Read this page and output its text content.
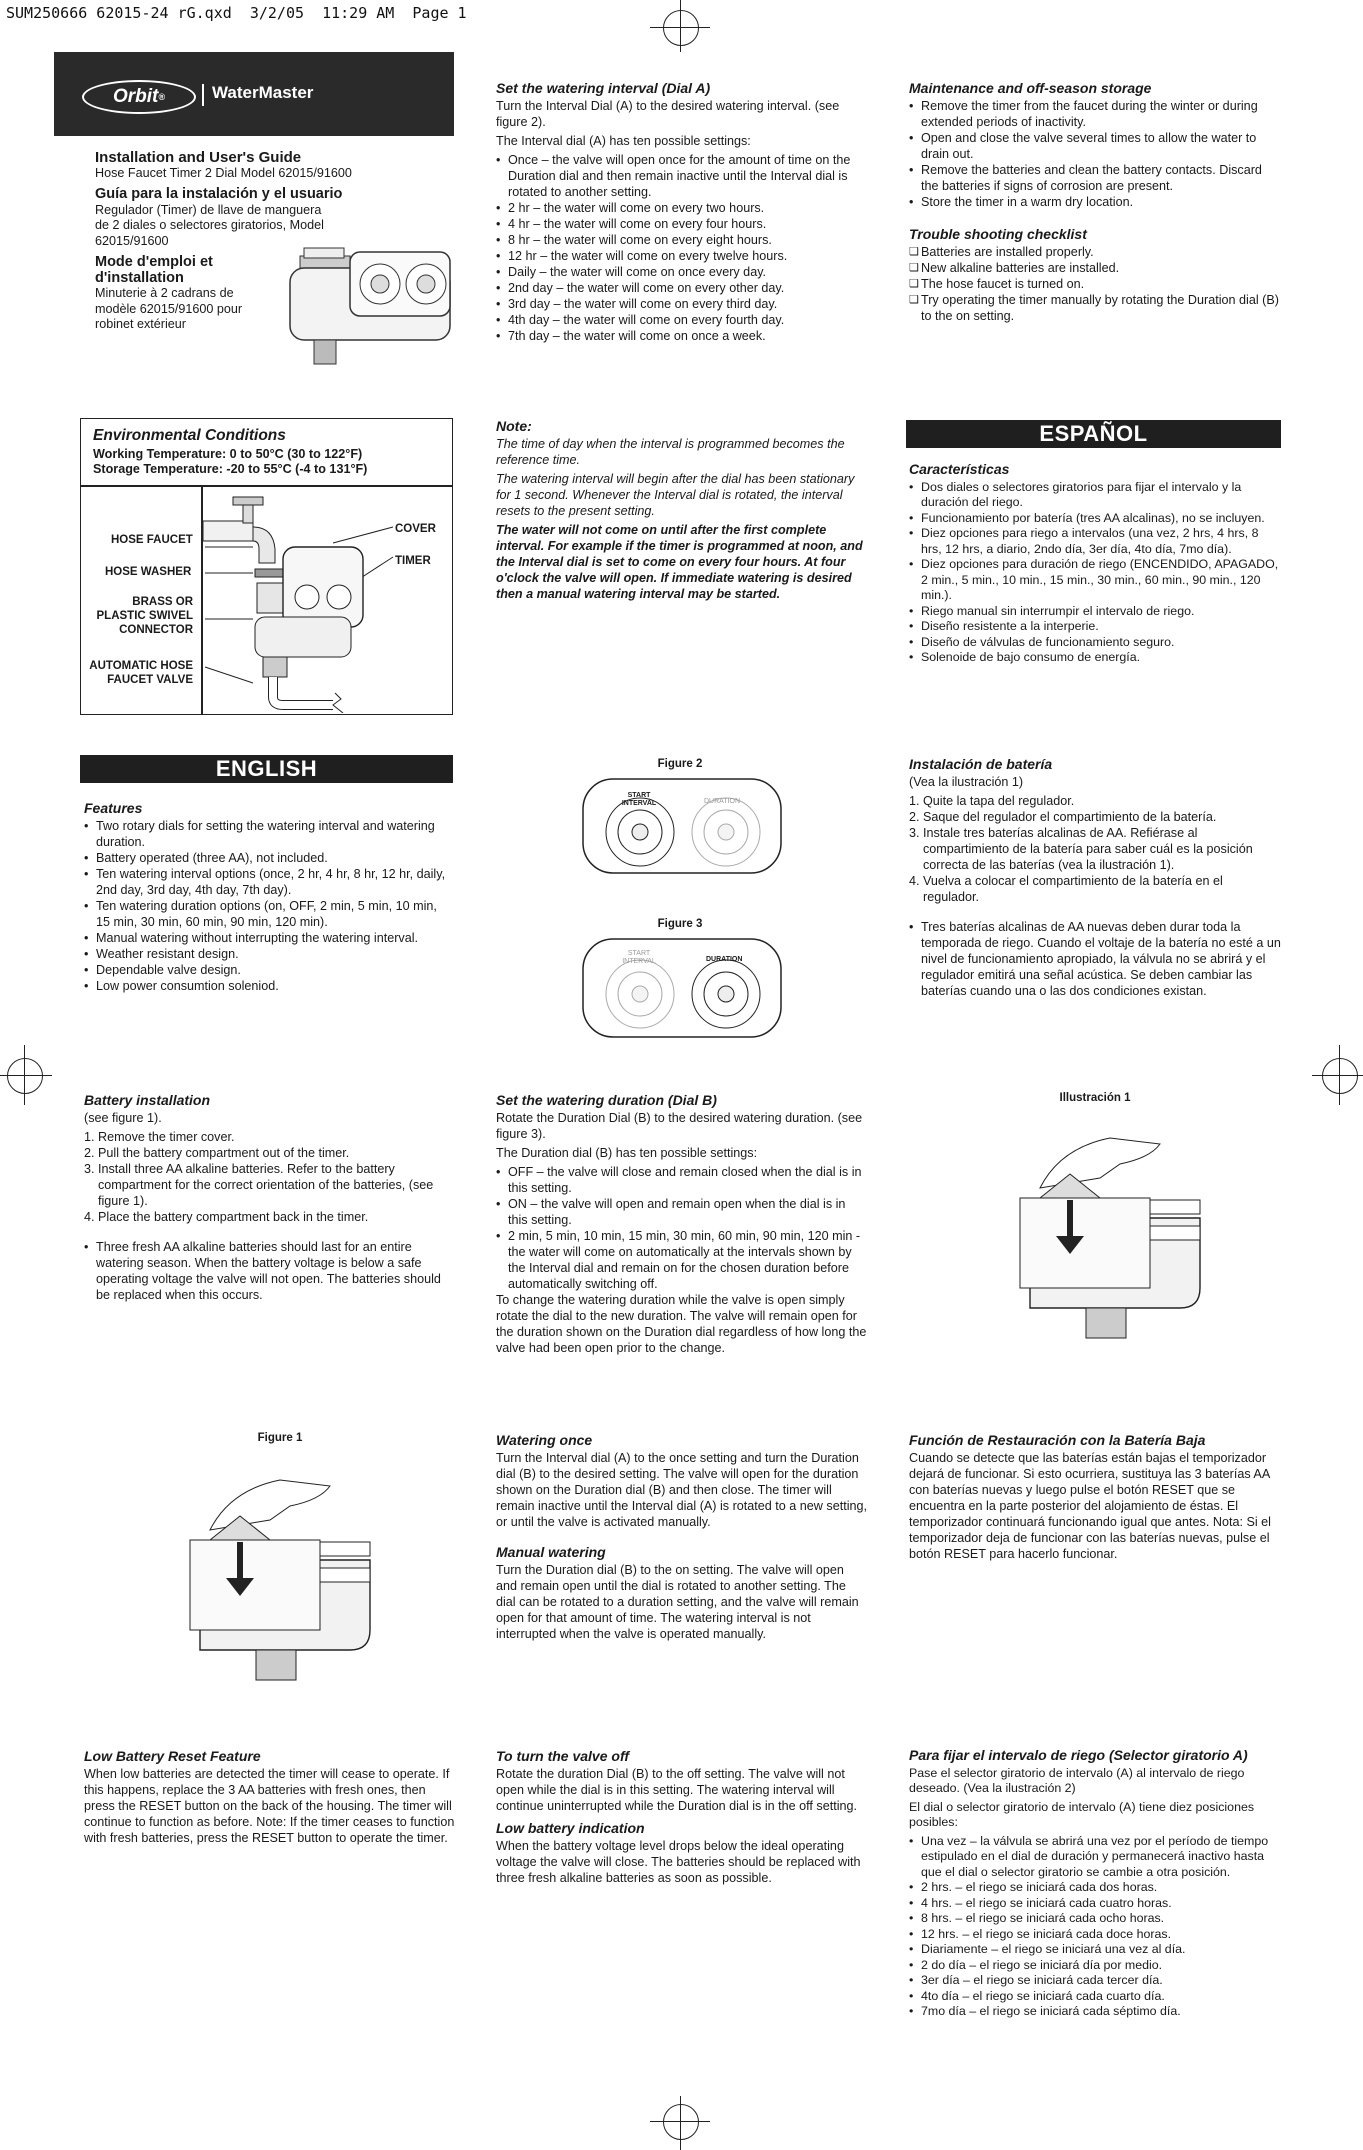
SUM250666 62015-24 rG.qxd  3/2/05  11:29 AM  Page 1
Orbit®	WaterMaster
Installation and User's Guide
Hose Faucet Timer 2 Dial Model 62015/91600
Guía para la instalación y el usuario
Regulador (Timer) de llave de manguera de 2 diales o selectores giratorios, Model 62015/91600
Mode d'emploi et d'installation
Minuterie à 2 cadrans de modèle 62015/91600 pour robinet extérieur
Environmental Conditions
Working Temperature: 0 to 50°C (30 to 122°F)
Storage Temperature: -20 to 55°C (-4 to 131°F)
HOSE FAUCET
HOSE WASHER
BRASS OR
PLASTIC SWIVEL
CONNECTOR
AUTOMATIC HOSE
FAUCET VALVE
COVER
TIMER
ENGLISH
Features
• Two rotary dials for setting the watering interval and watering duration.
• Battery operated (three AA), not included.
• Ten watering interval options (once, 2 hr, 4 hr, 8 hr, 12 hr, daily, 2nd day, 3rd day, 4th day, 7th day).
• Ten watering duration options (on, OFF, 2 min, 5 min, 10 min, 15 min, 30 min, 60 min, 90 min, 120 min).
• Manual watering without interrupting the watering interval.
• Weather resistant design.
• Dependable valve design.
• Low power consumtion soleniod.
Battery installation

(see figure 1).

1. Remove the timer cover.
2. Pull the battery compartment out of the timer.
3. Install three AA alkaline batteries. Refer to the battery compartment for the correct orientation of the batteries, (see figure 1).
4. Place the battery compartment back in the timer.
• Three fresh AA alkaline batteries should last for an entire watering season. When the battery voltage is below a safe operating voltage the valve will not open. The batteries should be replaced when this occurs.
Figure 1
Low Battery Reset Feature

When low batteries are detected the timer will cease to operate. If this happens, replace the 3 AA batteries with fresh ones, then press the RESET button on the back of the housing. The timer will continue to function as before. Note: If the timer ceases to function with fresh batteries, press the RESET button to operate the timer.

Set the watering interval (Dial A)

Turn the Interval Dial (A) to the desired watering interval. (see figure 2).

The Interval dial (A) has ten possible settings:

• Once – the valve will open once for the amount of time on the Duration dial and then remain inactive until the Interval dial is rotated to another setting.
• 2 hr – the water will come on every two hours.
• 4 hr – the water will come on every four hours.
• 8 hr – the water will come on every eight hours.
• 12 hr – the water will come on every twelve hours.
• Daily – the water will come on once every day.
• 2nd day – the water will come on every other day.
• 3rd day – the water will come on every third day.
• 4th day – the water will come on every fourth day.
• 7th day – the water will come on once a week.
Note:

The time of day when the interval is programmed becomes the reference time.

The watering interval will begin after the dial has been stationary for 1 second. Whenever the Interval dial is rotated, the interval resets to the present setting.

The water will not come on until after the first complete interval. For example if the timer is programmed at noon, and the Interval dial is set to come on every four hours. At four o'clock the valve will open. If immediate watering is desired then a manual watering interval may be started.

Figure 2
START
INTERVAL	DURATION
Figure 3
START
INTERVAL	DURATION
Set the watering duration (Dial B)

Rotate the Duration Dial (B) to the desired watering duration. (see figure 3).

The Duration dial (B) has ten possible settings:

• OFF – the valve will close and remain closed when the dial is in this setting.
• ON – the valve will open and remain open when the dial is in this setting.
• 2 min, 5 min, 10 min, 15 min, 30 min, 60 min, 90 min, 120 min - the water will come on automatically at the intervals shown by the Interval dial and remain on for the chosen duration before automatically switching off.

To change the watering duration while the valve is open simply rotate the dial to the new duration. The valve will remain open for the duration shown on the Duration dial regardless of how long the valve had been open prior to the change.

Watering once

Turn the Interval dial (A) to the once setting and turn the Duration dial (B) to the desired setting. The valve will open for the duration shown on the Duration dial (B) and then close. The timer will remain inactive until the Interval dial (A) is rotated to a new setting, or until the valve is activated manually.

Manual watering

Turn the Duration dial (B) to the on setting. The valve will open and remain open until the dial is rotated to another setting. The dial can be rotated to a duration setting, and the valve will remain open for that amount of time. The watering interval is not interrupted when the valve is operated manually.

To turn the valve off

Rotate the duration Dial (B) to the off setting. The valve will not open while the dial is in this setting. The watering interval will continue uninterrupted while the Duration dial is in the off setting.

Low battery indication

When the battery voltage level drops below the ideal operating voltage the valve will close. The batteries should be replaced with three fresh alkaline batteries as soon as possible.

Maintenance and off-season storage
• Remove the timer from the faucet during the winter or during extended periods of inactivity.
• Open and close the valve several times to allow the water to drain out.
• Remove the batteries and clean the battery contacts. Discard the batteries if signs of corrosion are present.
• Store the timer in a warm dry location.
Trouble shooting checklist
❑ Batteries are installed properly.
❑ New alkaline batteries are installed.
❑ The hose faucet is turned on.
❑ Try operating the timer manually by rotating the Duration dial (B) to the on setting.
ESPAÑOL
Características
• Dos diales o selectores giratorios para fijar el intervalo y la duración del riego.
• Funcionamiento por batería (tres AA alcalinas), no se incluyen.
• Diez opciones para riego a intervalos (una vez, 2 hrs, 4 hrs, 8 hrs, 12 hrs, a diario, 2ndo día, 3er día, 4to día, 7mo día).
• Diez opciones para duración de riego (ENCENDIDO, APAGADO, 2 min., 5 min., 10 min., 15 min., 30 min., 60 min., 90 min., 120 min.).
• Riego manual sin interrumpir el intervalo de riego.
• Diseño resistente a la interperie.
• Diseño de válvulas de funcionamiento seguro.
• Solenoide de bajo consumo de energía.
Instalación de batería

(Vea la ilustración 1)

1. Quite la tapa del regulador.
2. Saque del regulador el compartimiento de la batería.
3. Instale tres baterías alcalinas de AA. Refiérase al compartimiento de la batería para saber cuál es la posición correcta de las baterías (vea la ilustración 1).
4. Vuelva a colocar el compartimiento de la batería en el regulador.
• Tres baterías alcalinas de AA nuevas deben durar toda la temporada de riego. Cuando el voltaje de la batería no esté a un nivel de funcionamiento apropiado, la válvula no se abrirá y el regulador emitirá una señal acústica. Se deben cambiar las baterías cuando una o las dos condiciones existan.
Illustración 1
Función de Restauración con la Batería Baja

Cuando se detecte que las baterías están bajas el temporizador dejará de funcionar. Si esto ocurriera, sustituya las 3 baterías AA con baterías nuevas y luego pulse el botón RESET que se encuentra en la parte posterior del alojamiento de éstas. El temporizador continuará funcionando igual que antes. Nota: Si el temporizador deja de funcionar con las baterías nuevas, pulse el botón RESET para hacerlo funcionar.

Para fijar el intervalo de riego (Selector giratorio A)

Pase el selector giratorio de intervalo (A) al intervalo de riego deseado. (Vea la ilustración 2)

El dial o selector giratorio de intervalo (A) tiene diez posiciones posibles:

• Una vez – la válvula se abrirá una vez por el período de tiempo estipulado en el dial de duración y permanecerá inactivo hasta que el dial o selector giratorio se cambie a otra posición.
• 2 hrs. – el riego se iniciará cada dos horas.
• 4 hrs. – el riego se iniciará cada cuatro horas.
• 8 hrs. – el riego se iniciará cada ocho horas.
• 12 hrs. – el riego se iniciará cada doce horas.
• Diariamente – el riego se iniciará una vez al día.
• 2 do día – el riego se iniciará día por medio.
• 3er día – el riego se iniciará cada tercer día.
• 4to día – el riego se iniciará cada cuarto día.
• 7mo día – el riego se iniciará cada séptimo día.
